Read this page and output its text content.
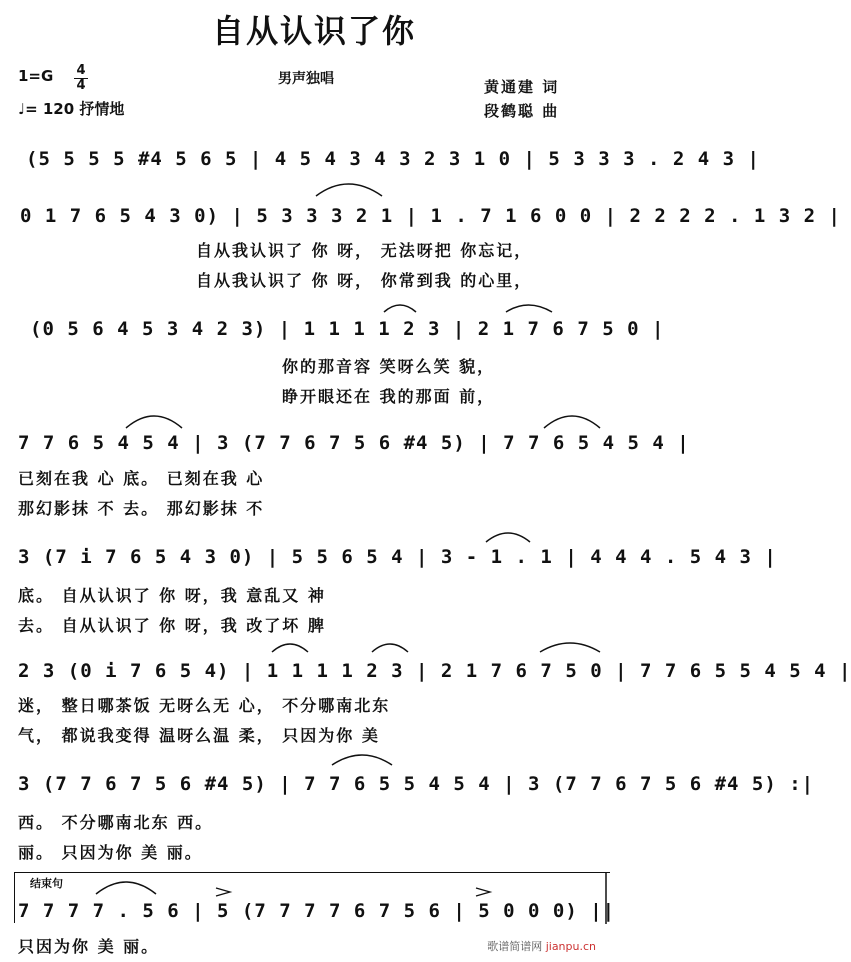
自从认识了你
1=G 4
4
♩= 120 抒情地
男声独唱	黄通建 词
段鹤聪 曲
(5 5 5 5 #4 5 6 5 | 4 5 4 3 4 3 2 3 1 0 | 5 3 3 3 . 2 4 3 |
0 1 7 6 5 4 3 0) | 5 3 3 3 2 1 | 1 . 7 1 6 0 0 | 2 2 2 2 . 1 3 2 |
自从我认识了 你 呀， 无法呀把 你忘记，
自从我认识了 你 呀， 你常到我 的心里，
(0 5 6 4 5 3 4 2 3) | 1 1 1 1 2 3 | 2 1 7 6 7 5 0 |
你的那音容 笑呀么笑 貌，
睁开眼还在 我的那面 前，
7 7 6 5 4 5 4 | 3 (7 7 6 7 5 6 #4 5) | 7 7 6 5 4 5 4 |
已刻在我 心 底。 已刻在我 心
那幻影抹 不 去。 那幻影抹 不
3 (7 i 7 6 5 4 3 0) | 5 5 6 5 4 | 3 - 1 . 1 | 4 4 4 . 5 4 3 |
底。 自从认识了 你 呀，我 意乱又 神
去。 自从认识了 你 呀，我 改了坏 脾
2 3 (0 i 7 6 5 4) | 1 1 1 1 2 3 | 2 1 7 6 7 5 0 | 7 7 6 5 5 4 5 4 |
迷， 整日哪茶饭 无呀么无 心， 不分哪南北东
气， 都说我变得 温呀么温 柔， 只因为你 美
3 (7 7 6 7 5 6 #4 5) | 7 7 6 5 5 4 5 4 | 3 (7 7 6 7 5 6 #4 5) :|
西。 不分哪南北东 西。
丽。 只因为你 美 丽。
结束句
7 7 7 7 . 5 6 | 5 (7 7 7 7 6 7 5 6 | 5 0 0 0) ||
只因为你 美 丽。	歌谱简谱网 jianpu.cn
